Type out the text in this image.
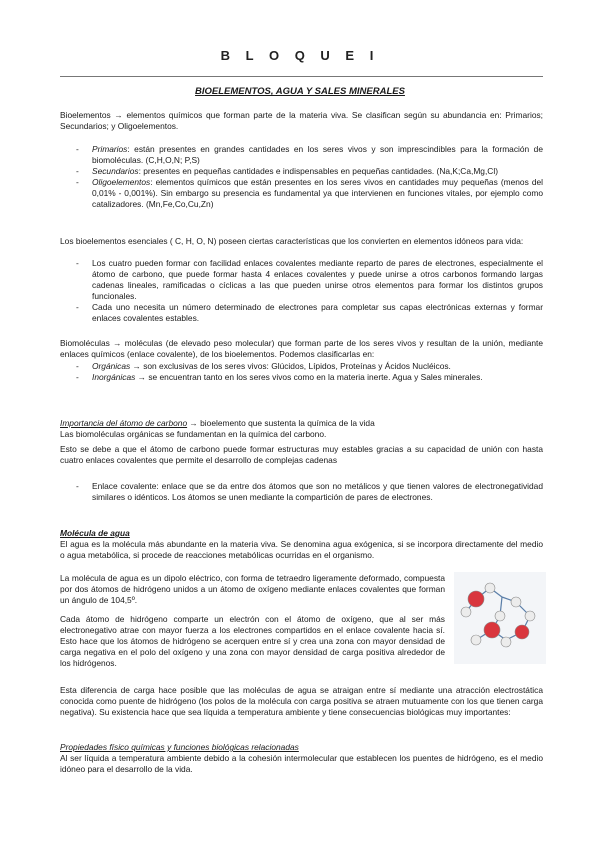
B L O Q U E I
BIOELEMENTOS, AGUA Y SALES MINERALES
Bioelementos → elementos químicos que forman parte de la materia viva. Se clasifican según su abundancia en: Primarios; Secundarios; y Oligoelementos.
- Primarios: están presentes en grandes cantidades en los seres vivos y son imprescindibles para la formación de biomoléculas. (C,H,O,N; P,S)
- Secundarios: presentes en pequeñas cantidades e indispensables en pequeñas cantidades. (Na,K;Ca,Mg,Cl)
- Oligoelementos: elementos químicos que están presentes en los seres vivos en cantidades muy pequeñas (menos del 0,01% - 0,001%). Sin embargo su presencia es fundamental ya que intervienen en funciones vitales, por ejemplo como catalizadores. (Mn,Fe,Co,Cu,Zn)
Los bioelementos esenciales ( C, H, O, N) poseen ciertas características que los convierten en elementos idóneos para vida:
- Los cuatro pueden formar con facilidad enlaces covalentes mediante reparto de pares de electrones, especialmente el átomo de carbono, que puede formar hasta 4 enlaces covalentes y puede unirse a otros carbonos formando largas cadenas lineales, ramificadas o cíclicas a las que pueden unirse otros elementos para formar los distintos grupos funcionales.
- Cada uno necesita un número determinado de electrones para completar sus capas electrónicas externas y formar enlaces covalentes estables.
Biomoléculas → moléculas (de elevado peso molecular) que forman parte de los seres vivos y resultan de la unión, mediante enlaces químicos (enlace covalente), de los bioelementos. Podemos clasificarlas en:
- Orgánicas → son exclusivas de los seres vivos: Glúcidos, Lípidos, Proteínas y Ácidos Nucléicos.
- Inorgánicas → se encuentran tanto en los seres vivos como en la materia inerte. Agua y Sales minerales.
Importancia del átomo de carbono → bioelemento que sustenta la química de la vida
Las biomoléculas orgánicas se fundamentan en la química del carbono.
Esto se debe a que el átomo de carbono puede formar estructuras muy estables gracias a su capacidad de unión con hasta cuatro enlaces covalentes que permite el desarrollo de complejas cadenas
- Enlace covalente: enlace que se da entre dos átomos que son no metálicos y que tienen valores de electronegatividad similares o idénticos. Los átomos se unen mediante la compartición de pares de electrones.
Molécula de agua
El agua es la molécula más abundante en la materia viva. Se denomina agua exógenica, si se incorpora directamente del medio o agua metabólica, si procede de reacciones metabólicas ocurridas en el organismo.
La molécula de agua es un dipolo eléctrico, con forma de tetraedro ligeramente deformado, compuesta por dos átomos de hidrógeno unidos a un átomo de oxígeno mediante enlaces covalentes que forman un ángulo de 104,5º.
Cada átomo de hidrógeno comparte un electrón con el átomo de oxígeno, que al ser más electronegativo atrae con mayor fuerza a los electrones compartidos en el enlace covalente hacia sí. Esto hace que los átomos de hidrógeno se acerquen entre sí y crea una zona con mayor densidad de carga negativa en el polo del oxígeno y una zona con mayor densidad de carga positiva alrededor de los hidrógenos.
Esta diferencia de carga hace posible que las moléculas de agua se atraigan entre sí mediante una atracción electrostática conocida como puente de hidrógeno (los polos de la molécula con carga positiva se atraen mutuamente con los que tienen carga negativa). Su existencia hace que sea líquida a temperatura ambiente y tiene consecuencias biológicas muy importantes:
Propiedades físico químicas y funciones biológicas relacionadas
Al ser líquida a temperatura ambiente debido a la cohesión intermolecular que establecen los puentes de hidrógeno, es el medio idóneo para el desarrollo de la vida.
